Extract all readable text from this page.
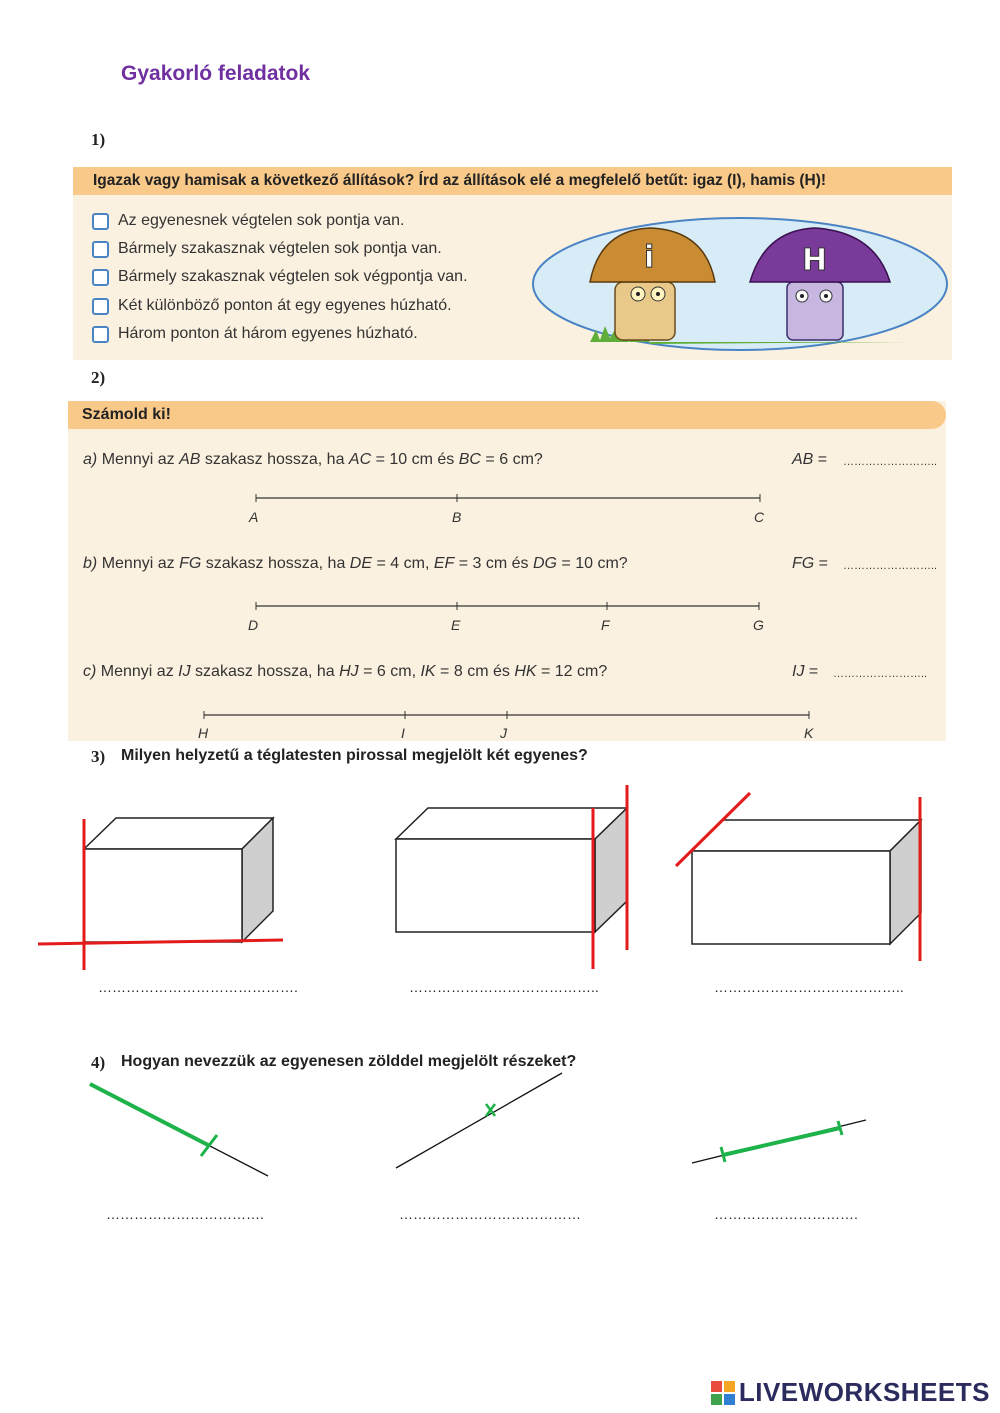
Gyakorló feladatok
1)
Igazak vagy hamisak a következő állítások? Írd az állítások elé a megfelelő betűt: igaz (I), hamis (H)!
Az egyenesnek végtelen sok pontja van.
Bármely szakasznak végtelen sok pontja van.
Bármely szakasznak végtelen sok végpontja van.
Két különböző ponton át egy egyenes húzható.
Három ponton át három egyenes húzható.
i	H
2)
Számold ki!
a) Mennyi az AB szakasz hossza, ha AC = 10 cm és BC = 6 cm?	AB = ……………………..
A	B	C
b) Mennyi az FG szakasz hossza, ha DE = 4 cm, EF = 3 cm és DG = 10 cm?	FG = ……………………..
D	E	F	G
c) Mennyi az IJ szakasz hossza, ha HJ = 6 cm, IK = 8 cm és HK = 12 cm?	IJ = ……………………..
H	I	J	K
3) Milyen helyzetű a téglatesten pirossal megjelölt két egyenes?
…………………………………….	…………………………………..	…………………………………..
4) Hogyan nevezzük az egyenesen zölddel megjelölt részeket?
…………………………….	…………………………………	………………………….
LIVEWORKSHEETS
